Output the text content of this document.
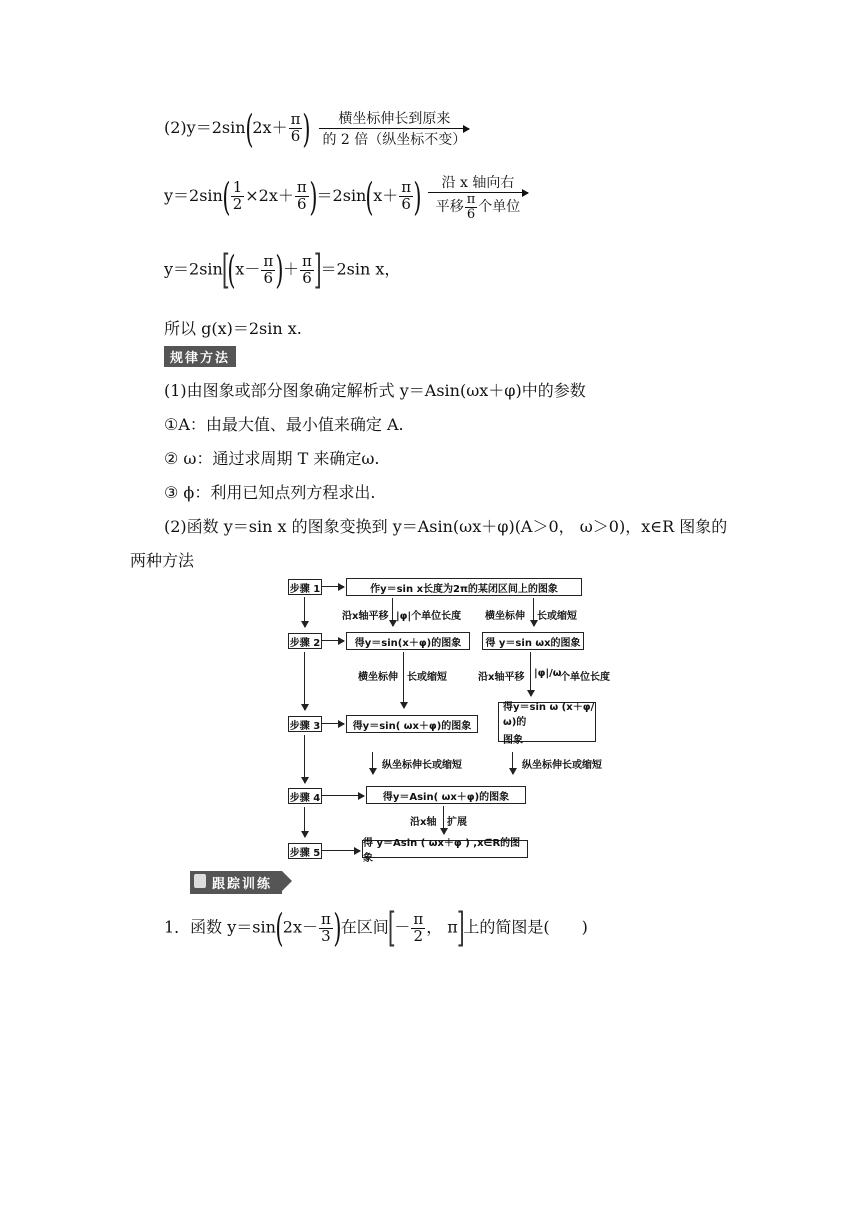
$(2)y=2\sin(2x+ \frac{\pi}{6}$ )	横坐标伸长到原来
的 2 倍（纵坐标不变）
$y=2\sin( \frac{1}{2} \times 2x+ \frac{\pi}{6} )=2\sin(x+ \frac{\pi}{6}$ )	沿 x 轴向右
平移 $\frac{\pi}{6}$ 个单位
$y=2\sin[(x- \frac{\pi}{6}$ )＋ $\frac{\pi}{6} ]=2\sin$ x，
所以 g(x)＝2sin x.
规律方法
(1)由图象或部分图象确定解析式 y＝Asin(ωx＋φ)中的参数
①A：由最大值、最小值来确定 A.
② ω：通过求周期 T 来确定ω.
③ ϕ：利用已知点列方程求出.
(2)函数 y＝sin x 的图象变换到 y＝Asin(ωx＋φ)(A＞0， ω＞0)，x∈R 图象的
两种方法
步骤 1
步骤 2
步骤 3
步骤 4
步骤 5
作y＝sin x长度为2π的某闭区间上的图象
得y＝sin(x＋φ)的图象	得 y＝sin ωx的图象
得y＝sin( ωx＋φ)的图象
得y＝sin ω (x＋φ/ω)的
图象
得y＝Asin( ωx＋φ)的图象
得 y＝Asin ( ωx＋φ ) ,x∈R的图象
沿x轴平移 |φ|个单位长度 横坐标伸 长或缩短
横坐标伸 长或缩短	沿x轴平移 |φ|/ω
个单位长度
纵坐标伸长或缩短	纵坐标伸长或缩短
沿x轴 扩展
跟踪训练
1．函数 $y=\sin(2x- \frac{\pi}{3}$ )在区间[－ $\frac{\pi}{2}$ ， π]上的简图是(　　)
